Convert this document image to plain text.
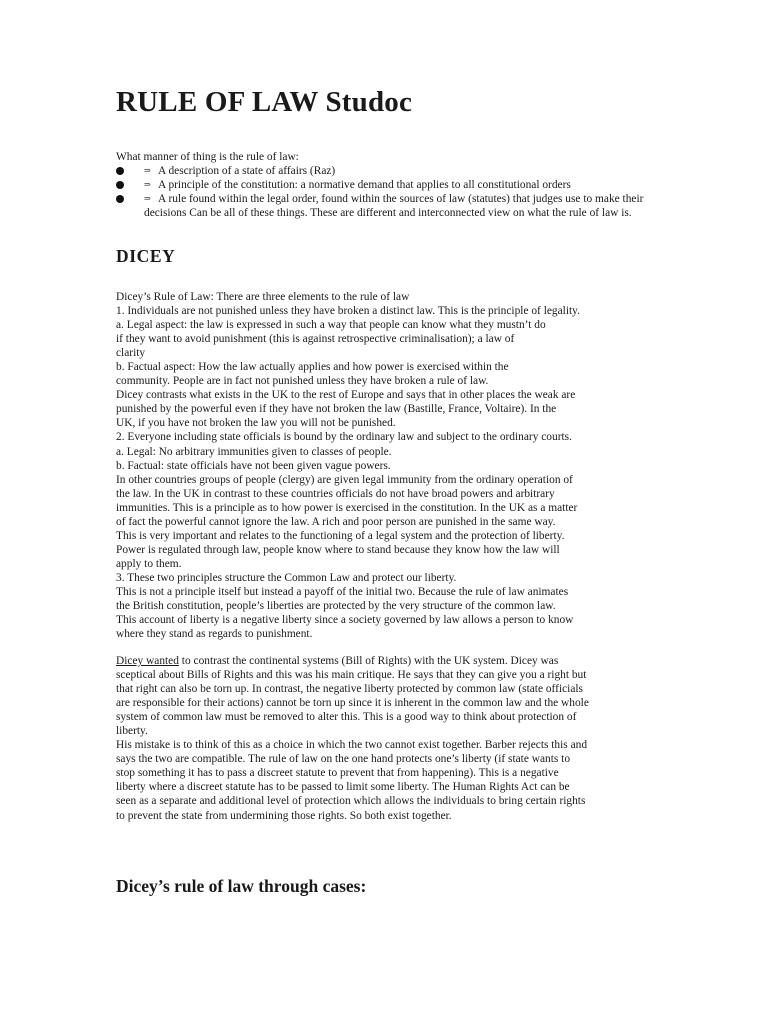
RULE OF LAW Studoc

What manner of thing is the rule of law:

⇒ A description of a state of affairs (Raz)
⇒ A principle of the constitution: a normative demand that applies to all constitutional orders
⇒ A rule found within the legal order, found within the sources of law (statutes) that judges use to make their decisions Can be all of these things. These are different and interconnected view on what the rule of law is.
DICEY

Dicey’s Rule of Law: There are three elements to the rule of law

1. Individuals are not punished unless they have broken a distinct law. This is the principle of legality.

a. Legal aspect: the law is expressed in such a way that people can know what they mustn’t do

if they want to avoid punishment (this is against retrospective criminalisation); a law of

clarity

b. Factual aspect: How the law actually applies and how power is exercised within the

community. People are in fact not punished unless they have broken a rule of law.

Dicey contrasts what exists in the UK to the rest of Europe and says that in other places the weak are

punished by the powerful even if they have not broken the law (Bastille, France, Voltaire). In the

UK, if you have not broken the law you will not be punished.

2. Everyone including state officials is bound by the ordinary law and subject to the ordinary courts.

a. Legal: No arbitrary immunities given to classes of people.

b. Factual: state officials have not been given vague powers.

In other countries groups of people (clergy) are given legal immunity from the ordinary operation of

the law. In the UK in contrast to these countries officials do not have broad powers and arbitrary

immunities. This is a principle as to how power is exercised in the constitution. In the UK as a matter

of fact the powerful cannot ignore the law. A rich and poor person are punished in the same way.

This is very important and relates to the functioning of a legal system and the protection of liberty.

Power is regulated through law, people know where to stand because they know how the law will

apply to them.

3. These two principles structure the Common Law and protect our liberty.

This is not a principle itself but instead a payoff of the initial two. Because the rule of law animates

the British constitution, people’s liberties are protected by the very structure of the common law.

This account of liberty is a negative liberty since a society governed by law allows a person to know

where they stand as regards to punishment.

Dicey wanted to contrast the continental systems (Bill of Rights) with the UK system. Dicey was

sceptical about Bills of Rights and this was his main critique. He says that they can give you a right but

that right can also be torn up. In contrast, the negative liberty protected by common law (state officials

are responsible for their actions) cannot be torn up since it is inherent in the common law and the whole

system of common law must be removed to alter this. This is a good way to think about protection of

liberty.

His mistake is to think of this as a choice in which the two cannot exist together. Barber rejects this and

says the two are compatible. The rule of law on the one hand protects one’s liberty (if state wants to

stop something it has to pass a discreet statute to prevent that from happening). This is a negative

liberty where a discreet statute has to be passed to limit some liberty. The Human Rights Act can be

seen as a separate and additional level of protection which allows the individuals to bring certain rights

to prevent the state from undermining those rights. So both exist together.

Dicey’s rule of law through cases:
